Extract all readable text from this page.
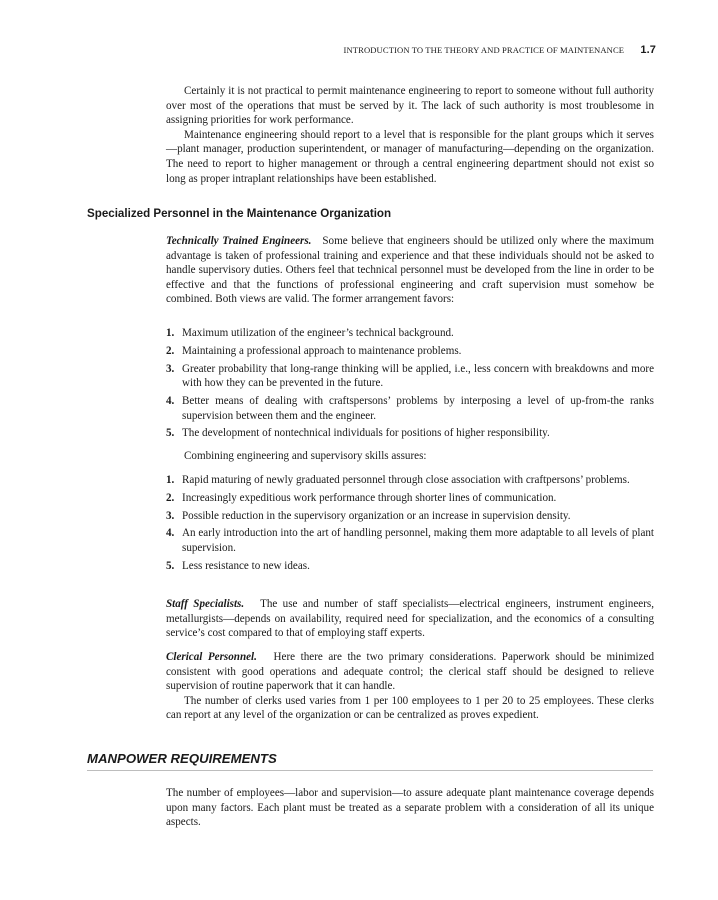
INTRODUCTION TO THE THEORY AND PRACTICE OF MAINTENANCE 1.7

Certainly it is not practical to permit maintenance engineering to report to someone without full authority over most of the operations that must be served by it. The lack of such authority is most troublesome in assigning priorities for work performance.

Maintenance engineering should report to a level that is responsible for the plant groups which it serves—plant manager, production superintendent, or manager of manufacturing—depending on the organization. The need to report to higher management or through a central engineering department should not exist so long as proper intraplant relationships have been established.

Specialized Personnel in the Maintenance Organization

Technically Trained Engineers. Some believe that engineers should be utilized only where the maximum advantage is taken of professional training and experience and that these individuals should not be asked to handle supervisory duties. Others feel that technical personnel must be developed from the line in order to be effective and that the functions of professional engineering and craft supervision must somehow be combined. Both views are valid. The former arrangement favors:

1. Maximum utilization of the engineer’s technical background.
2. Maintaining a professional approach to maintenance problems.
3. Greater probability that long-range thinking will be applied, i.e., less concern with breakdowns and more with how they can be prevented in the future.
4. Better means of dealing with craftspersons’ problems by interposing a level of up-from-the ranks supervision between them and the engineer.
5. The development of nontechnical individuals for positions of higher responsibility.

Combining engineering and supervisory skills assures:

1. Rapid maturing of newly graduated personnel through close association with craftpersons’ problems.
2. Increasingly expeditious work performance through shorter lines of communication.
3. Possible reduction in the supervisory organization or an increase in supervision density.
4. An early introduction into the art of handling personnel, making them more adaptable to all levels of plant supervision.
5. Less resistance to new ideas.

Staff Specialists. The use and number of staff specialists—electrical engineers, instrument engineers, metallurgists—depends on availability, required need for specialization, and the economics of a consulting service’s cost compared to that of employing staff experts.

Clerical Personnel. Here there are the two primary considerations. Paperwork should be minimized consistent with good operations and adequate control; the clerical staff should be designed to relieve supervision of routine paperwork that it can handle.

The number of clerks used varies from 1 per 100 employees to 1 per 20 to 25 employees. These clerks can report at any level of the organization or can be centralized as proves expedient.

MANPOWER REQUIREMENTS

The number of employees—labor and supervision—to assure adequate plant maintenance coverage depends upon many factors. Each plant must be treated as a separate problem with a consideration of all its unique aspects.
